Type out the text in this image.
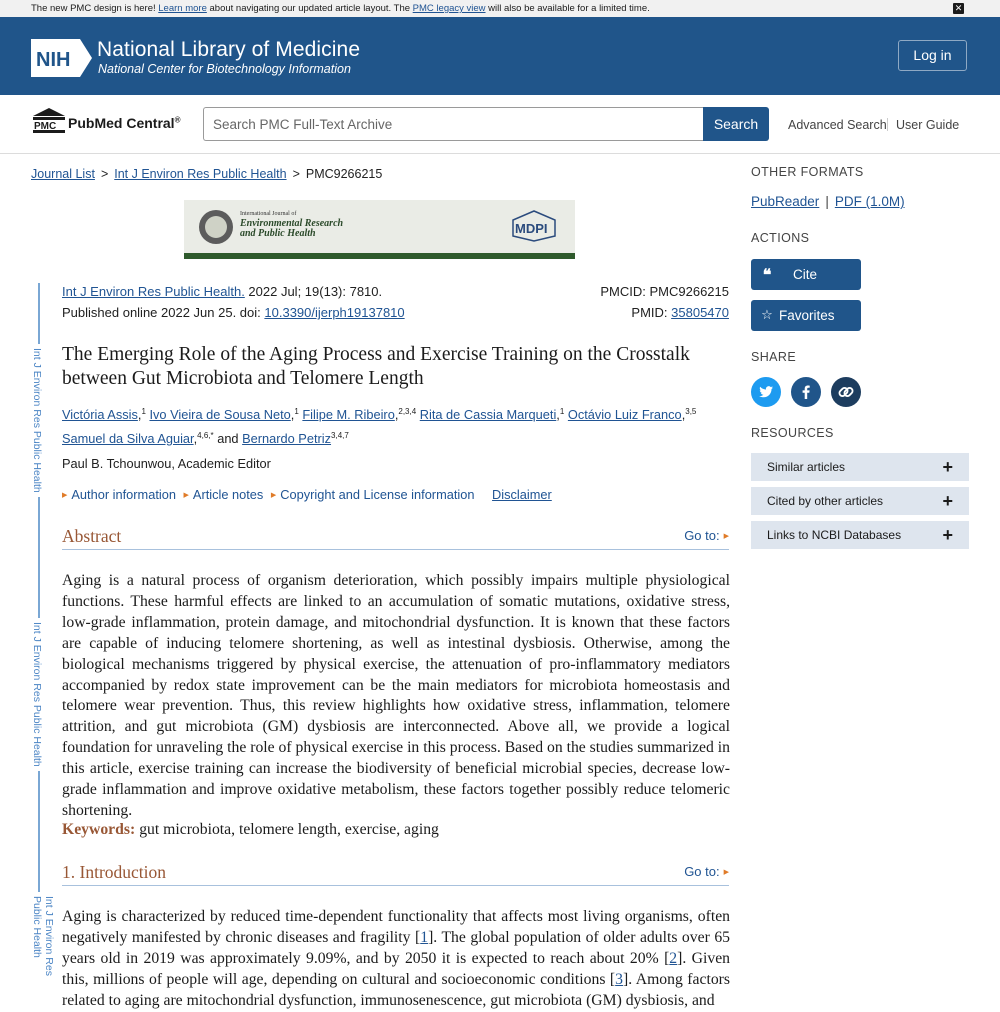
The new PMC design is here! Learn more about navigating our updated article layout. The PMC legacy view will also be available for a limited time.	✕
NIH National Library of Medicine
National Center for Biotechnology Information
Log in
PMC PubMed Central®
Search PMC Full-Text Archive	Search	Advanced Search User Guide
Journal List > Int J Environ Res Public Health > PMC9266215
International Journal of
Environmental Research
and Public Health	MDPI
Int J Environ Res Public Health
Int J Environ Res Public Health
Int J Environ Res Public Health
Int J Environ Res Public Health. 2022 Jul; 19(13): 7810.
Published online 2022 Jun 25. doi: 10.3390/ijerph19137810
PMCID: PMC9266215
PMID: 35805470
The Emerging Role of the Aging Process and Exercise Training on the Crosstalk between Gut Microbiota and Telomere Length
Victória Assis,$^1$ Ivo Vieira de Sousa Neto,$^1$ Filipe M. Ribeiro,$^{2,3,4}$ Rita de Cassia Marqueti,$^1$ Octávio Luiz Franco,$^{3,5}$
Samuel da Silva Aguiar,$^{4,6,*}$ and Bernardo Petriz$^{3,4,7}$
Paul B. Tchounwou, Academic Editor
▶ Author information ▶ Article notes ▶ Copyright and License information Disclaimer
Abstract	Go to: ▶

Aging is a natural process of organism deterioration, which possibly impairs multiple physiological functions. These harmful effects are linked to an accumulation of somatic mutations, oxidative stress, low-grade inflammation, protein damage, and mitochondrial dysfunction. It is known that these factors are capable of inducing telomere shortening, as well as intestinal dysbiosis. Otherwise, among the biological mechanisms triggered by physical exercise, the attenuation of pro-inflammatory mediators accompanied by redox state improvement can be the main mediators for microbiota homeostasis and telomere wear prevention. Thus, this review highlights how oxidative stress, inflammation, telomere attrition, and gut microbiota (GM) dysbiosis are interconnected. Above all, we provide a logical foundation for unraveling the role of physical exercise in this process. Based on the studies summarized in this article, exercise training can increase the biodiversity of beneficial microbial species, decrease low-grade inflammation and improve oxidative metabolism, these factors together possibly reduce telomeric shortening.

Keywords: gut microbiota, telomere length, exercise, aging
1. Introduction	Go to: ▶

Aging is characterized by reduced time-dependent functionality that affects most living organisms, often negatively manifested by chronic diseases and fragility [1]. The global population of older adults over 65 years old in 2019 was approximately 9.09%, and by 2050 it is expected to reach about 20% [2]. Given this, millions of people will age, depending on cultural and socioeconomic conditions [3]. Among factors related to aging are mitochondrial dysfunction, immunosenescence, gut microbiota (GM) dysbiosis, and

OTHER FORMATS
PubReader | PDF (1.0M)
ACTIONS
❝ Cite
☆ Favorites
SHARE
RESOURCES
Similar articles	+
Cited by other articles	+
Links to NCBI Databases +
